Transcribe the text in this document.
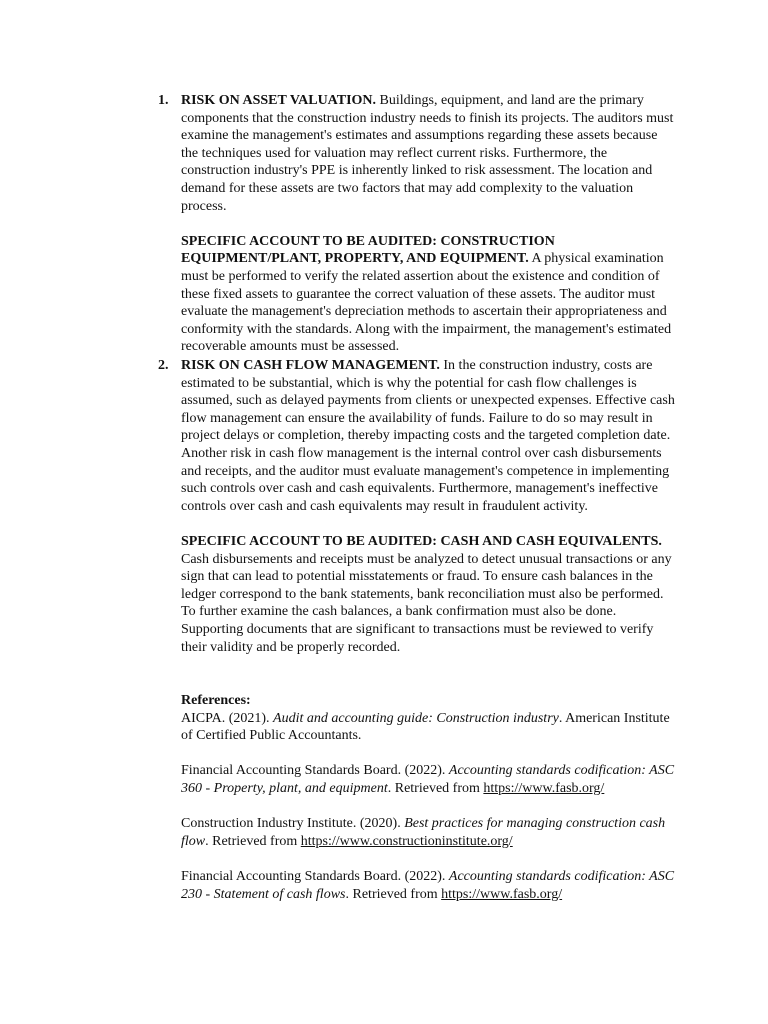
1. RISK ON ASSET VALUATION. Buildings, equipment, and land are the primary components that the construction industry needs to finish its projects. The auditors must examine the management's estimates and assumptions regarding these assets because the techniques used for valuation may reflect current risks. Furthermore, the construction industry's PPE is inherently linked to risk assessment. The location and demand for these assets are two factors that may add complexity to the valuation process.

SPECIFIC ACCOUNT TO BE AUDITED: CONSTRUCTION EQUIPMENT/PLANT, PROPERTY, AND EQUIPMENT. A physical examination must be performed to verify the related assertion about the existence and condition of these fixed assets to guarantee the correct valuation of these assets. The auditor must evaluate the management's depreciation methods to ascertain their appropriateness and conformity with the standards. Along with the impairment, the management's estimated recoverable amounts must be assessed.

2. RISK ON CASH FLOW MANAGEMENT. In the construction industry, costs are estimated to be substantial, which is why the potential for cash flow challenges is assumed, such as delayed payments from clients or unexpected expenses. Effective cash flow management can ensure the availability of funds. Failure to do so may result in project delays or completion, thereby impacting costs and the targeted completion date. Another risk in cash flow management is the internal control over cash disbursements and receipts, and the auditor must evaluate management's competence in implementing such controls over cash and cash equivalents. Furthermore, management's ineffective controls over cash and cash equivalents may result in fraudulent activity.

SPECIFIC ACCOUNT TO BE AUDITED: CASH AND CASH EQUIVALENTS. Cash disbursements and receipts must be analyzed to detect unusual transactions or any sign that can lead to potential misstatements or fraud. To ensure cash balances in the ledger correspond to the bank statements, bank reconciliation must also be performed. To further examine the cash balances, a bank confirmation must also be done. Supporting documents that are significant to transactions must be reviewed to verify their validity and be properly recorded.

References:

AICPA. (2021). Audit and accounting guide: Construction industry. American Institute of Certified Public Accountants.

Financial Accounting Standards Board. (2022). Accounting standards codification: ASC 360 - Property, plant, and equipment. Retrieved from https://www.fasb.org/

Construction Industry Institute. (2020). Best practices for managing construction cash flow. Retrieved from https://www.constructioninstitute.org/

Financial Accounting Standards Board. (2022). Accounting standards codification: ASC 230 - Statement of cash flows. Retrieved from https://www.fasb.org/
